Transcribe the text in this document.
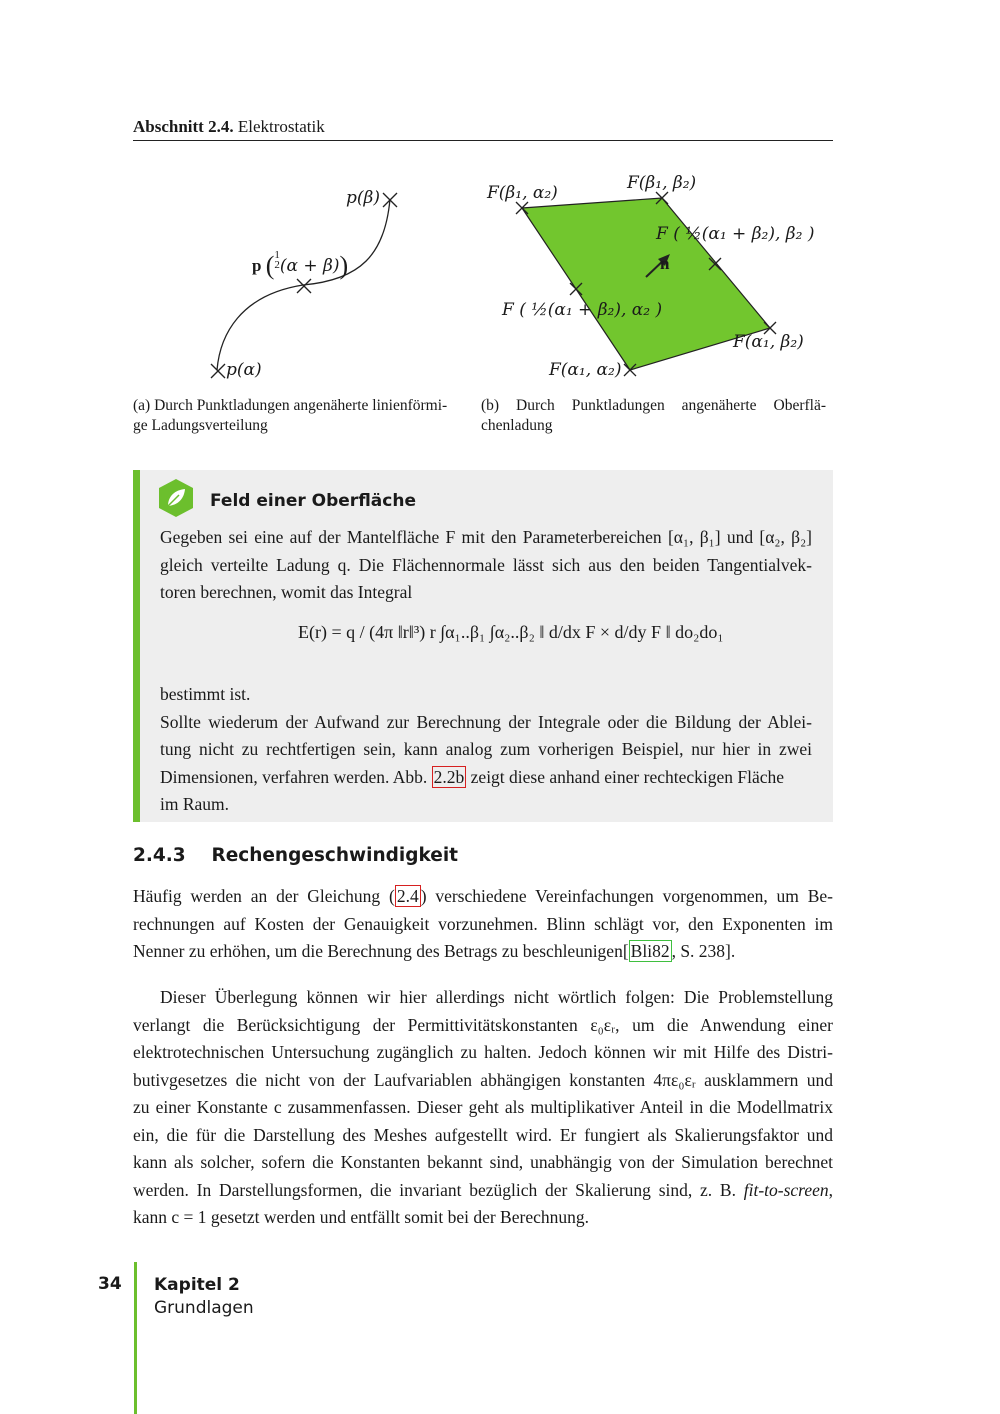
Abschnitt 2.4. Elektrostatik
p(β)
p (1
2(α + β))
p(α)
F(β₁, α₂)	F(β₁, β₂)
F ( ½(α₁ + β₂), β₂ )
n
F ( ½(α₁ + β₂), α₂ )
F(α₁, β₂)
F(α₁, α₂)
(a) Durch Punktladungen angenäherte linienförmi-
ge Ladungsverteilung
(b) Durch Punktladungen angenäherte Oberflä-
chenladung
Feld einer Oberfläche
Gegeben sei eine auf der Mantelfläche F mit den Parameterbereichen [α₁, β₁] und [α₂, β₂]
gleich verteilte Ladung q. Die Flächennormale lässt sich aus den beiden Tangentialvek-
toren berechnen, womit das Integral
E(r) = q / (4π ‖r‖³) r ∫α₁..β₁ ∫α₂..β₂ ‖ d/dx F × d/dy F ‖ do₂do₁
bestimmt ist.
Sollte wiederum der Aufwand zur Berechnung der Integrale oder die Bildung der Ablei-
tung nicht zu rechtfertigen sein, kann analog zum vorherigen Beispiel, nur hier in zwei
Dimensionen, verfahren werden. Abb. 2.2b zeigt diese anhand einer rechteckigen Fläche
im Raum.
2.4.3 Rechengeschwindigkeit
Häufig werden an der Gleichung ( 2.4 ) verschiedene Vereinfachungen vorgenommen, um Be-
rechnungen auf Kosten der Genauigkeit vorzunehmen. Blinn schlägt vor, den Exponenten im
Nenner zu erhöhen, um die Berechnung des Betrags zu beschleunigen[ Bli82 , S. 238].
Dieser Überlegung können wir hier allerdings nicht wörtlich folgen: Die Problemstellung
verlangt die Berücksichtigung der Permittivitätskonstanten ε₀εᵣ, um die Anwendung einer
elektrotechnischen Untersuchung zugänglich zu halten. Jedoch können wir mit Hilfe des Distri-
butivgesetzes die nicht von der Laufvariablen abhängigen konstanten 4πε₀εᵣ ausklammern und
zu einer Konstante c zusammenfassen. Dieser geht als multiplikativer Anteil in die Modellmatrix
ein, die für die Darstellung des Meshes aufgestellt wird. Er fungiert als Skalierungsfaktor und
kann als solcher, sofern die Konstanten bekannt sind, unabhängig von der Simulation berechnet
werden. In Darstellungsformen, die invariant bezüglich der Skalierung sind, z. B. fit-to-screen,
kann c = 1 gesetzt werden und entfällt somit bei der Berechnung.
34 Kapitel 2
Grundlagen
